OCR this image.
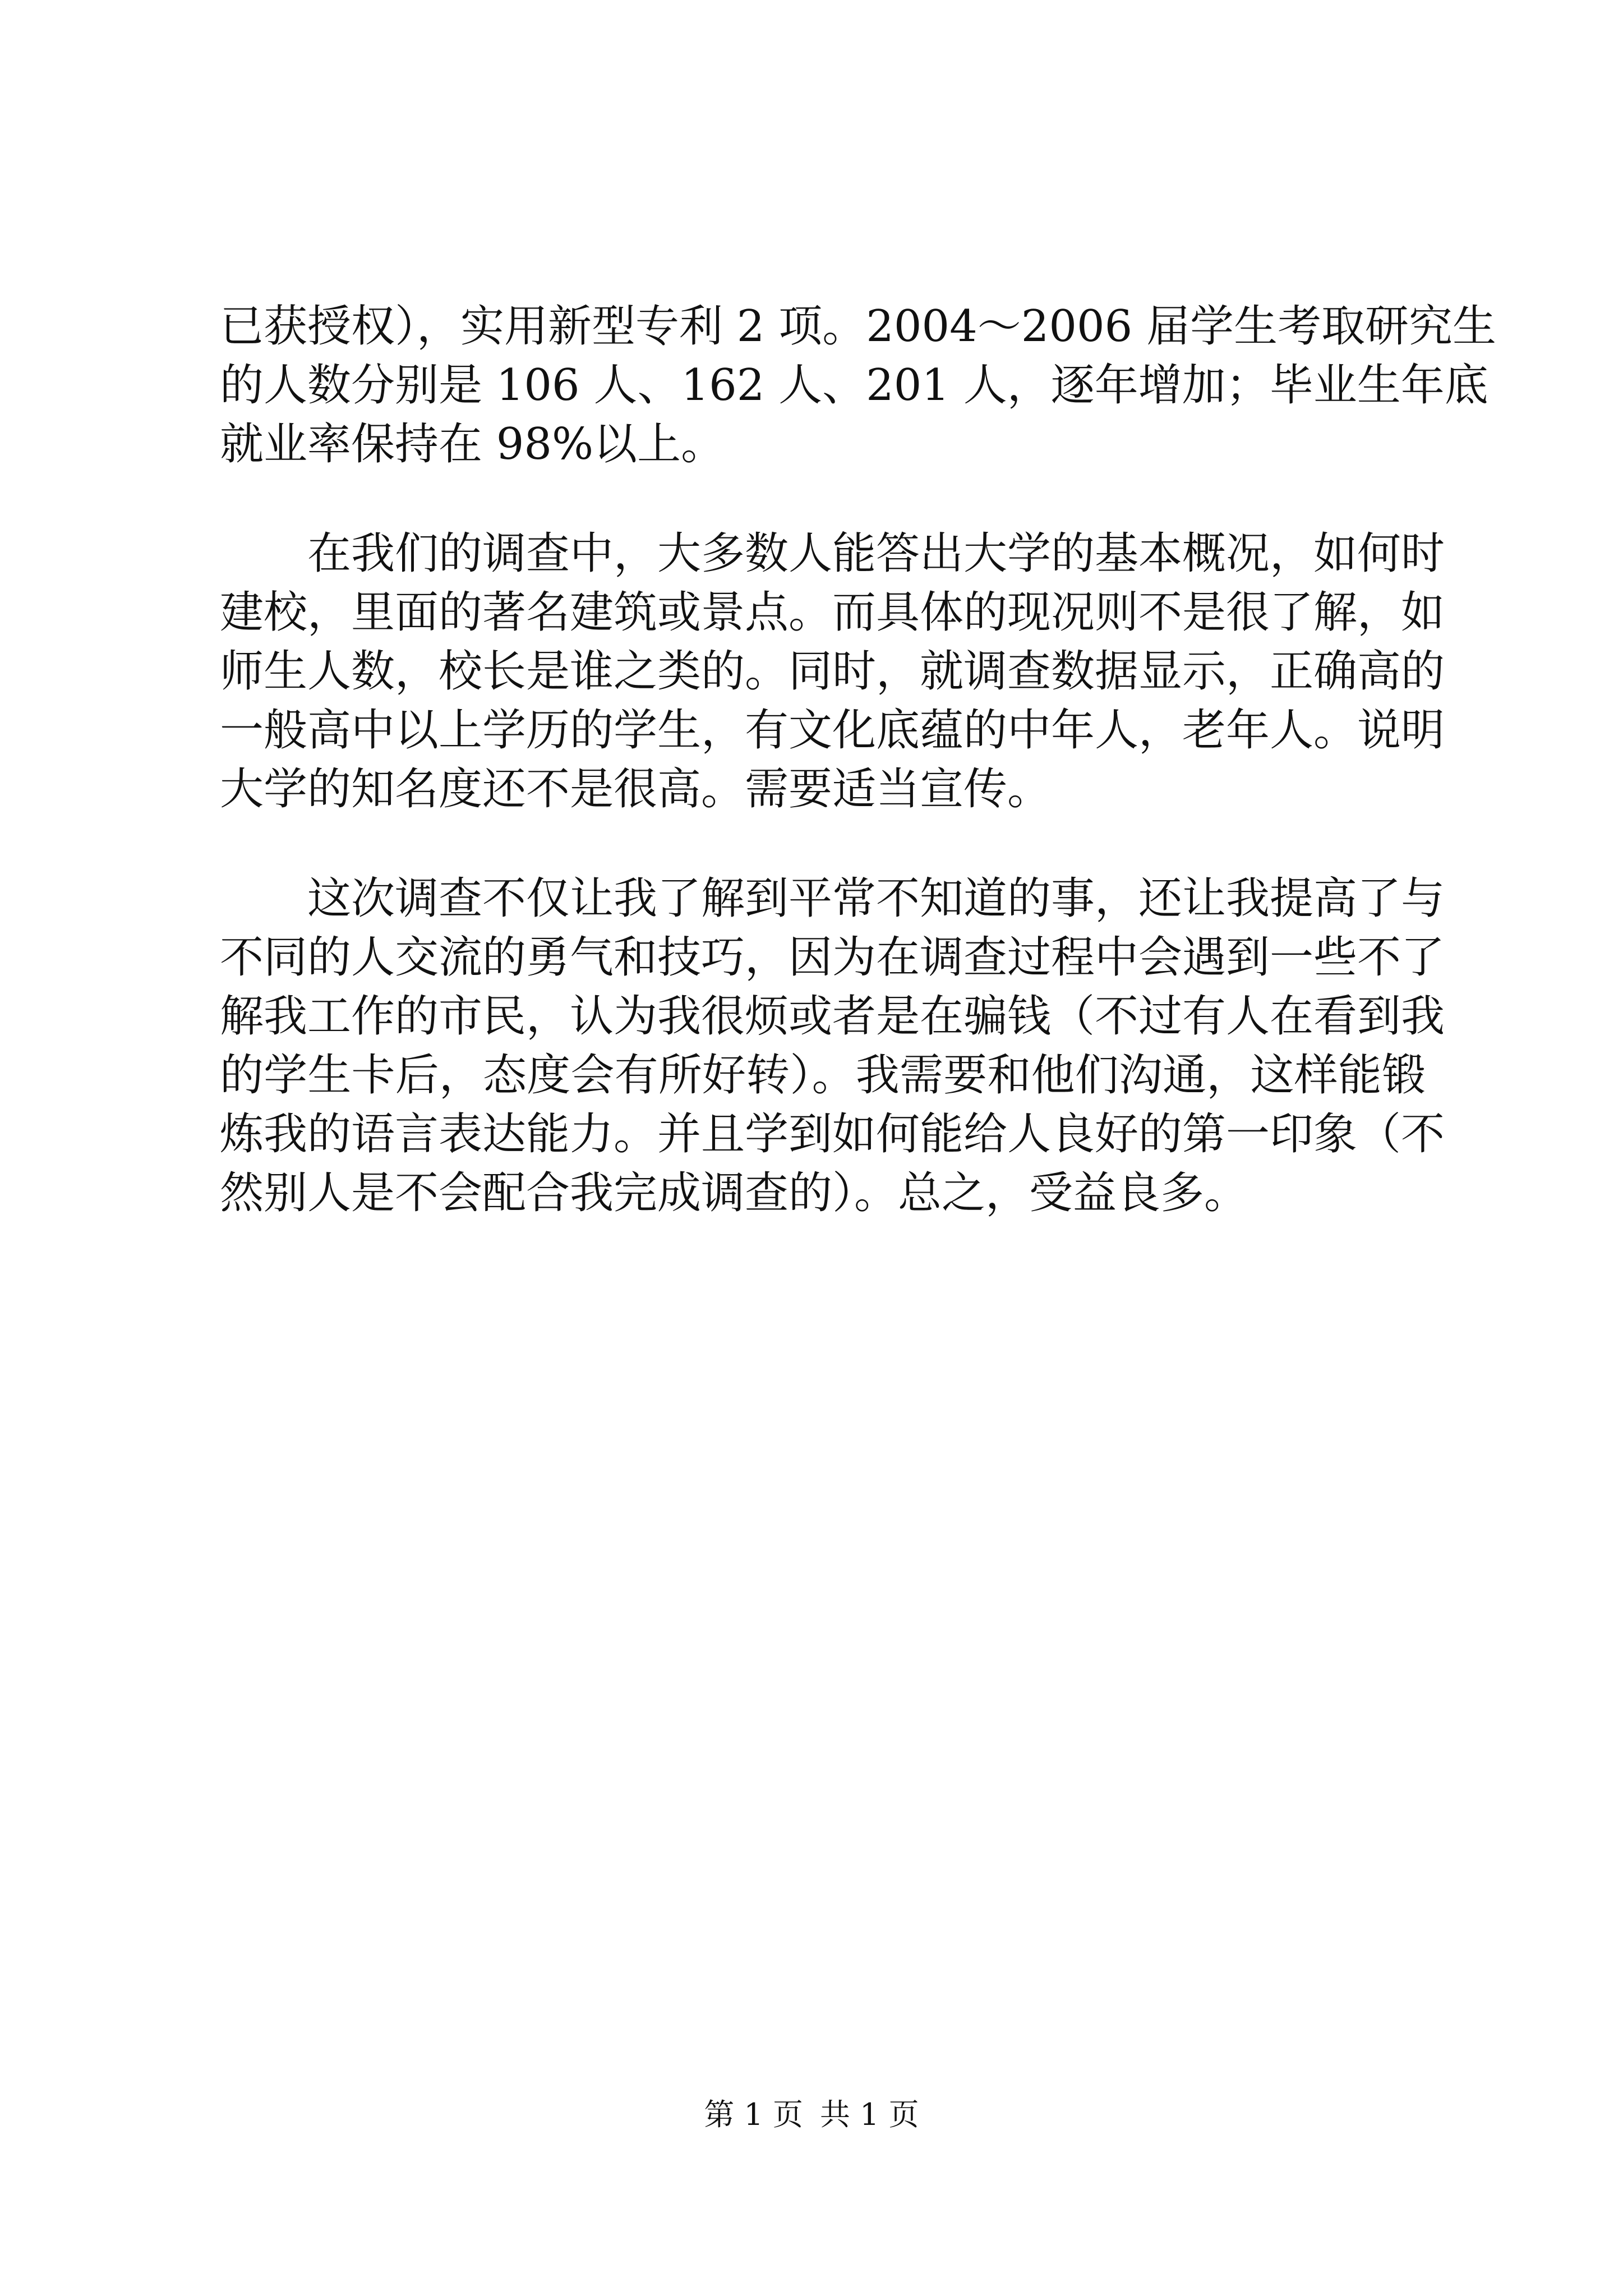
已获授权），实用新型专利 2 项。2004～2006 届学生考取研究生
的人数分别是 106 人、162 人、201 人，逐年增加；毕业生年底
就业率保持在 98%以上。
在我们的调查中，大多数人能答出大学的基本概况，如何时
建校，里面的著名建筑或景点。而具体的现况则不是很了解，如
师生人数，校长是谁之类的。同时，就调查数据显示，正确高的
一般高中以上学历的学生，有文化底蕴的中年人，老年人。说明
大学的知名度还不是很高。需要适当宣传。
这次调查不仅让我了解到平常不知道的事，还让我提高了与
不同的人交流的勇气和技巧，因为在调查过程中会遇到一些不了
解我工作的市民，认为我很烦或者是在骗钱（不过有人在看到我
的学生卡后，态度会有所好转）。我需要和他们沟通，这样能锻
炼我的语言表达能力。并且学到如何能给人良好的第一印象（不
然别人是不会配合我完成调查的）。总之，受益良多。
第 1 页 共 1 页
